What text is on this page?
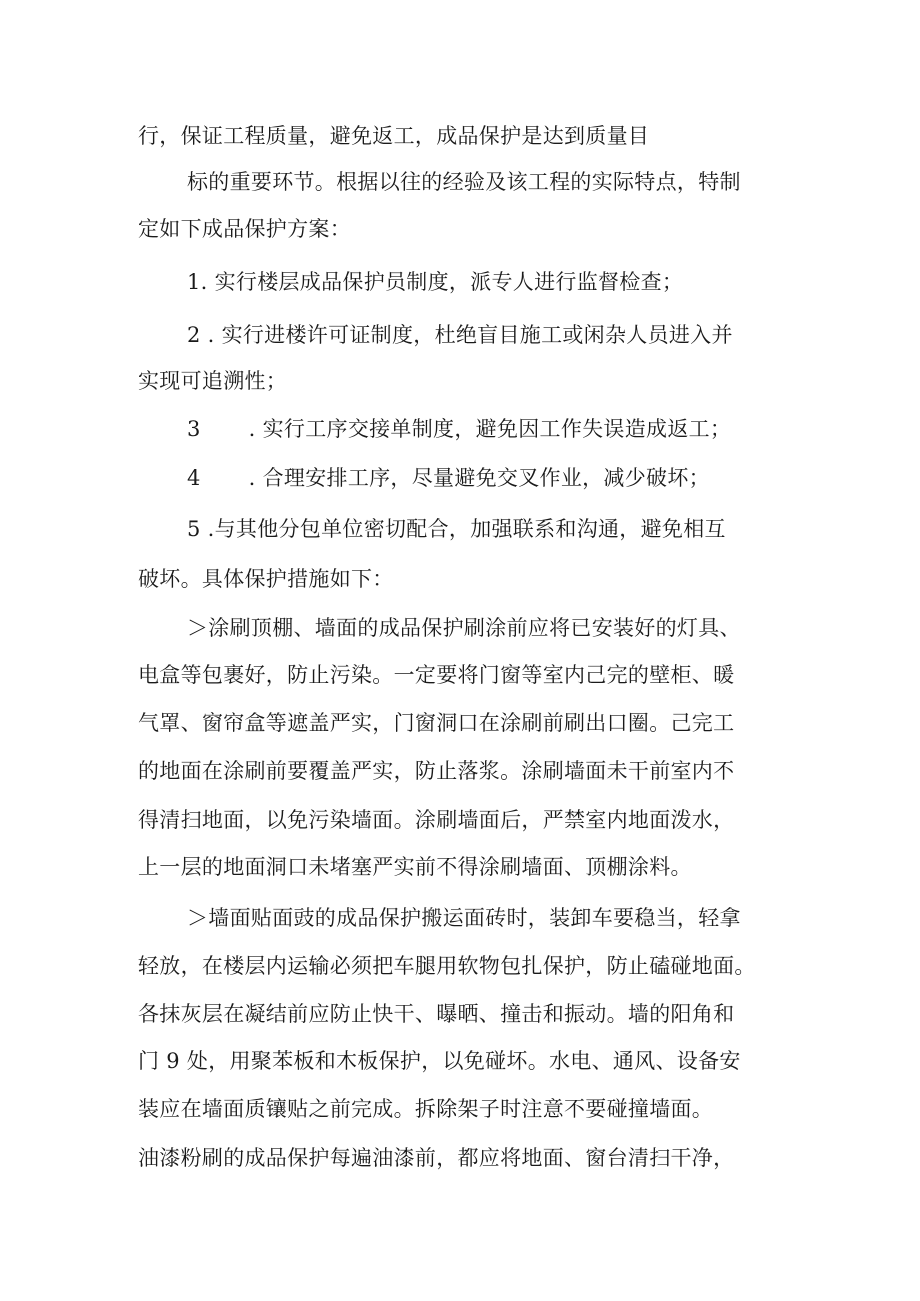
行，保证工程质量，避免返工，成品保护是达到质量目
标的重要环节。根据以往的经验及该工程的实际特点，特制
定如下成品保护方案：
1. 实行楼层成品保护员制度，派专人进行监督检查；
2 . 实行进楼许可证制度，杜绝盲目施工或闲杂人员进入并
实现可追溯性；
3 . 实行工序交接单制度，避免因工作失误造成返工；
4 . 合理安排工序，尽量避免交叉作业，减少破坏；
5 .与其他分包单位密切配合，加强联系和沟通，避免相互
破坏。具体保护措施如下：
＞涂刷顶棚、墙面的成品保护刷涂前应将已安装好的灯具、
电盒等包裹好，防止污染。一定要将门窗等室内己完的壁柜、暖
气罩、窗帘盒等遮盖严实，门窗洞口在涂刷前刷出口圈。己完工
的地面在涂刷前要覆盖严实，防止落浆。涂刷墙面未干前室内不
得清扫地面，以免污染墙面。涂刷墙面后，严禁室内地面泼水，
上一层的地面洞口未堵塞严实前不得涂刷墙面、顶棚涂料。
＞墙面贴面豉的成品保护搬运面砖时，装卸车要稳当，轻拿
轻放，在楼层内运输必须把车腿用软物包扎保护，防止磕碰地面。
各抹灰层在凝结前应防止快干、曝晒、撞击和振动。墙的阳角和
门 9 处，用聚苯板和木板保护，以免碰坏。水电、通风、设备安
装应在墙面质镶贴之前完成。拆除架子时注意不要碰撞墙面。
油漆粉刷的成品保护每遍油漆前，都应将地面、窗台清扫干净，
